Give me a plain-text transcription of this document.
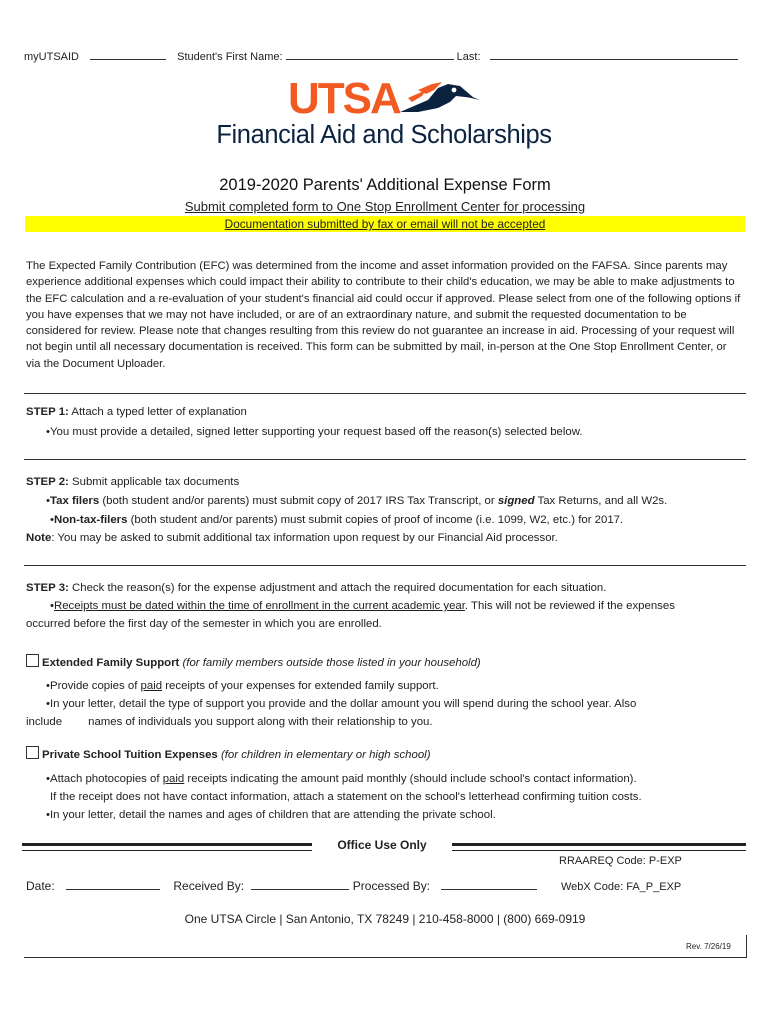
myUTSAID	Student's First Name:	Last:
UTSA
Financial Aid and Scholarships
2019-2020 Parents' Additional Expense Form
Submit completed form to One Stop Enrollment Center for processing
Documentation submitted by fax or email will not be accepted

The Expected Family Contribution (EFC) was determined from the income and asset information provided on the FAFSA. Since parents may experience additional expenses which could impact their ability to contribute to their child's education, we may be able to make adjustments to the EFC calculation and a re-evaluation of your student's financial aid could occur if approved. Please select from one of the following options if you have expenses that we may not have included, or are of an extraordinary nature, and submit the requested documentation to be considered for review. Please note that changes resulting from this review do not guarantee an increase in aid. Processing of your request will not begin until all necessary documentation is received. This form can be submitted by mail, in-person at the One Stop Enrollment Center, or via the Document Uploader.

STEP 1: Attach a typed letter of explanation
•You must provide a detailed, signed letter supporting your request based off the reason(s) selected below.
STEP 2: Submit applicable tax documents
•Tax filers (both student and/or parents) must submit copy of 2017 IRS Tax Transcript, or signed Tax Returns, and all W2s.
•Non-tax-filers (both student and/or parents) must submit copies of proof of income (i.e. 1099, W2, etc.) for 2017.
Note: You may be asked to submit additional tax information upon request by our Financial Aid processor.
STEP 3: Check the reason(s) for the expense adjustment and attach the required documentation for each situation.
•Receipts must be dated within the time of enrollment in the current academic year. This will not be reviewed if the expenses
occurred before the first day of the semester in which you are enrolled.
Extended Family Support (for family members outside those listed in your household)
•Provide copies of paid receipts of your expenses for extended family support.
•In your letter, detail the type of support you provide and the dollar amount you will spend during the school year. Also
include names of individuals you support along with their relationship to you.
Private School Tuition Expenses (for children in elementary or high school)
•Attach photocopies of paid receipts indicating the amount paid monthly (should include school's contact information).
If the receipt does not have contact information, attach a statement on the school's letterhead confirming tuition costs.
•In your letter, detail the names and ages of children that are attending the private school.
Office Use Only
RRAAREQ Code: P-EXP
Date:	Received By:	Processed By:	WebX Code: FA_P_EXP
One UTSA Circle | San Antonio, TX 78249 | 210-458-8000 | (800) 669-0919
Rev. 7/26/19
